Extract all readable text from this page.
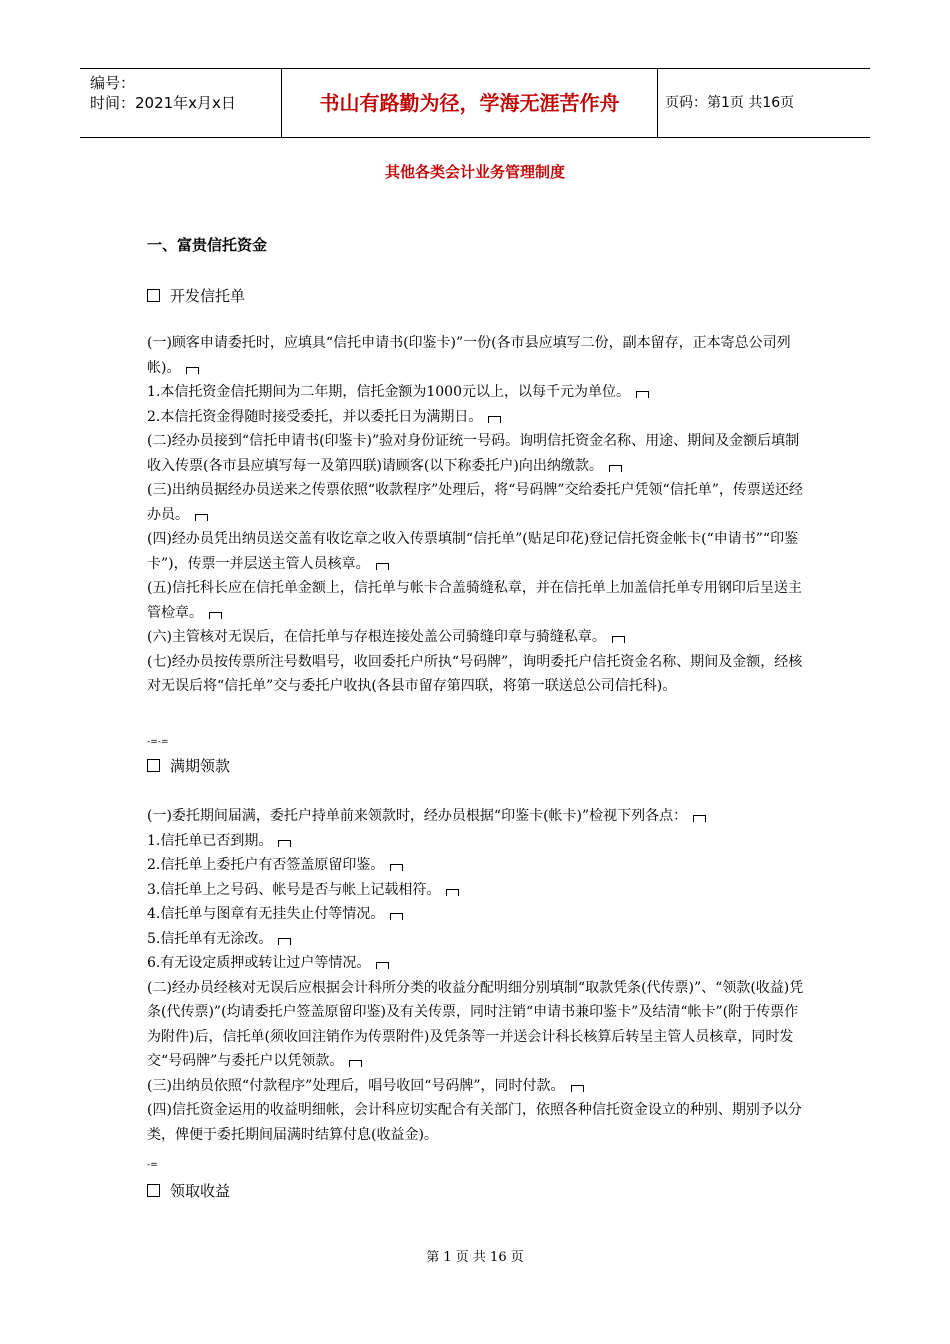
编号：
时间：2021年x月x日	书山有路勤为径，学海无涯苦作舟	页码：第1页 共16页
其他各类会计业务管理制度
一、富贵信托资金
开发信托单

(一)顾客申请委托时，应填具“信托申请书(印鉴卡)”一份(各市县应填写二份，副本留存，正本寄总公司列帐)。

1.本信托资金信托期间为二年期，信托金额为1000元以上，以每千元为单位。

2.本信托资金得随时接受委托，并以委托日为满期日。

(二)经办员接到“信托申请书(印鉴卡)”验对身份证统一号码。询明信托资金名称、用途、期间及金额后填制收入传票(各市县应填写每一及第四联)请顾客(以下称委托户)向出纳缴款。

(三)出纳员据经办员送来之传票依照“收款程序”处理后，将“号码牌”交给委托户凭领“信托单”，传票送还经办员。

(四)经办员凭出纳员送交盖有收讫章之收入传票填制“信托单”(贴足印花)登记信托资金帐卡(“申请书”“印鉴卡”)，传票一并层送主管人员核章。

(五)信托科长应在信托单金额上，信托单与帐卡合盖骑缝私章，并在信托单上加盖信托单专用钢印后呈送主管检章。

(六)主管核对无误后，在信托单与存根连接处盖公司骑缝印章与骑缝私章。

(七)经办员按传票所注号数唱号，收回委托户所执“号码牌”，询明委托户信托资金名称、期间及金额，经核对无误后将“信托单”交与委托户收执(各县市留存第四联，将第一联送总公司信托科)。

-=-=
满期领款

(一)委托期间届满，委托户持单前来领款时，经办员根据“印鉴卡(帐卡)”检视下列各点：

1.信托单已否到期。

2.信托单上委托户有否签盖原留印鉴。

3.信托单上之号码、帐号是否与帐上记载相符。

4.信托单与图章有无挂失止付等情况。

5.信托单有无涂改。

6.有无设定质押或转让过户等情况。

(二)经办员经核对无误后应根据会计科所分类的收益分配明细分别填制“取款凭条(代传票)”、“领款(收益)凭条(代传票)”(均请委托户签盖原留印鉴)及有关传票，同时注销“申请书兼印鉴卡”及结清“帐卡”(附于传票作为附件)后，信托单(须收回注销作为传票附件)及凭条等一并送会计科长核算后转呈主管人员核章，同时发交“号码牌”与委托户以凭领款。

(三)出纳员依照“付款程序”处理后，唱号收回“号码牌”，同时付款。

(四)信托资金运用的收益明细帐，会计科应切实配合有关部门，依照各种信托资金设立的种别、期别予以分类，俾便于委托期间届满时结算付息(收益金)。

-=
领取收益
第 1 页 共 16 页
